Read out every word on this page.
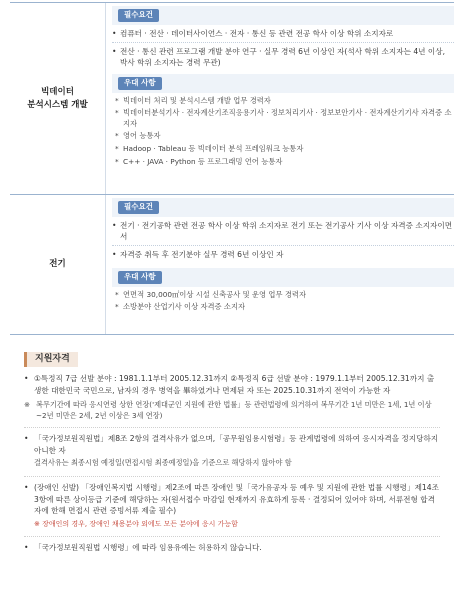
빅데이터
분석시스템 개발
필수요건
• 컴퓨터 · 전산 · 데이터사이언스 · 전자 · 통신 등 관련 전공 학사 이상 학위 소지자로
• 전산 · 통신 관련 프로그램 개발 분야 연구 · 실무 경력 6년 이상인 자(석사 학위 소지자는 4년 이상, 박사 학위 소지자는 경력 무관)
우대 사항
* 빅데이터 처리 및 분석시스템 개발 업무 경력자
* 빅데이터분석기사 · 전자계산기조직응용기사 · 정보처리기사 · 정보보안기사 · 전자계산기기사 자격증 소지자
* 영어 능통자
* Hadoop · Tableau 등 빅데이터 분석 프레임워크 능통자
* C++ · JAVA · Python 등 프로그래밍 언어 능통자
전기
필수요건
• 전기 · 전기공학 관련 전공 학사 이상 학위 소지자로 전기 또는 전기공사 기사 이상 자격증 소지자이면서
• 자격증 취득 후 전기분야 실무 경력 6년 이상인 자
우대 사항
* 연면적 30,000㎡이상 시설 신축공사 및 운영 업무 경력자
* 소방분야 산업기사 이상 자격증 소지자
지원자격
• ①특정직 7급 선발 분야 : 1981.1.1부터 2005.12.31까지 ②특정직 6급 선발 분야 : 1979.1.1부터 2005.12.31까지 출생한 대한민국 국민으로, 남자의 경우 병역을 畢하였거나 면제된 자 또는 2025.10.31까지 전역이 가능한 자
※ 복무기간에 따라 응시연령 상한 연장('제대군인 지원에 관한 법률」등 관련법령에 의거하여 복무기간 1년 미만은 1세, 1년 이상~2년 미만은 2세, 2년 이상은 3세 연장)
• 「국가정보원직원법」제8조 2항의 결격사유가 없으며,「공무원임용시험령」등 관계법령에 의하여 응시자격을 정지당하지 아니한 자
결격사유는 최종시험 예정일(면접시험 최종예정일)을 기준으로 해당하지 않아야 함
• (장애인 선발) 「장애인복지법 시행령」제2조에 따른 장애인 및「국가유공자 등 예우 및 지원에 관한 법률 시행령」제14조 3항에 따른 상이등급 기준에 해당하는 자(원서접수 마감일 현재까지 유효하게 등록 · 결정되어 있어야 하며, 서류전형 합격자에 한해 면접시 관련 증빙서류 제출 필수)
※ 장애인의 경우, 장애인 채용분야 외에도 모든 분야에 응시 가능함
• 「국가정보원직원법 시행령」에 따라 임용유예는 허용하지 않습니다.
